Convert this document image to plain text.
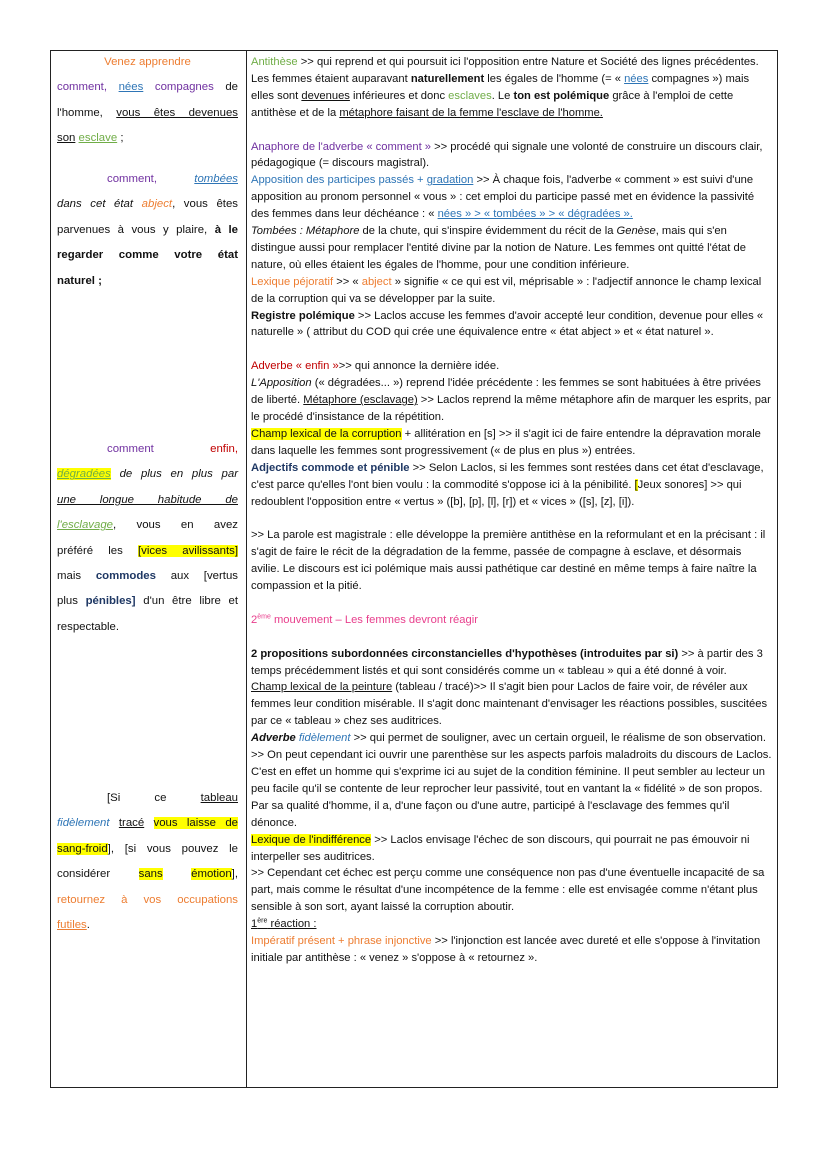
Venez apprendre
comment, nées compagnes de
l'homme, vous êtes devenues
son esclave ;
comment,	tombées
dans cet état abject, vous êtes
parvenues à vous y plaire, à le
regarder comme votre état
naturel ;
comment	enfin,
dégradées de plus en plus par
une longue habitude de
l'esclavage, vous en avez
préféré les [vices avilissants]
mais commodes aux [vertus
plus pénibles] d'un être libre et
respectable.
[Si ce	tableau
fidèlement tracé vous laisse de
sang-froid], [si vous pouvez le
considérer sans émotion],
retournez à vos occupations
futiles.

Antithèse >> qui reprend et qui poursuit ici l'opposition entre Nature et Société des lignes précédentes. Les femmes étaient auparavant naturellement les égales de l'homme (= « nées compagnes ») mais elles sont devenues inférieures et donc esclaves. Le ton est polémique grâce à l'emploi de cette antithèse et de la métaphore faisant de la femme l'esclave de l'homme.

Anaphore de l'adverbe « comment » >> procédé qui signale une volonté de construire un discours clair, pédagogique (= discours magistral).

Apposition des participes passés + gradation >> À chaque fois, l'adverbe « comment » est suivi d'une apposition au pronom personnel « vous » : cet emploi du participe passé met en évidence la passivité des femmes dans leur déchéance : « nées » > « tombées » > « dégradées ».

Tombées : Métaphore de la chute, qui s'inspire évidemment du récit de la Genèse, mais qui s'en distingue aussi pour remplacer l'entité divine par la notion de Nature. Les femmes ont quitté l'état de nature, où elles étaient les égales de l'homme, pour une condition inférieure.

Lexique péjoratif >> « abject » signifie « ce qui est vil, méprisable » : l'adjectif annonce le champ lexical de la corruption qui va se développer par la suite.

Registre polémique >> Laclos accuse les femmes d'avoir accepté leur condition, devenue pour elles « naturelle » ( attribut du COD qui crée une équivalence entre « état abject » et « état naturel ».

Adverbe « enfin »>> qui annonce la dernière idée.

L'Apposition (« dégradées... ») reprend l'idée précédente : les femmes se sont habituées à être privées de liberté. Métaphore (esclavage) >> Laclos reprend la même métaphore afin de marquer les esprits, par le procédé d'insistance de la répétition.

Champ lexical de la corruption + allitération en [s] >> il s'agit ici de faire entendre la dépravation morale dans laquelle les femmes sont progressivement (« de plus en plus ») entrées.

Adjectifs commode et pénible >> Selon Laclos, si les femmes sont restées dans cet état d'esclavage, c'est parce qu'elles l'ont bien voulu : la commodité s'oppose ici à la pénibilité. [Jeux sonores] >> qui redoublent l'opposition entre « vertus » ([b], [p], [l], [r]) et « vices » ([s], [z], [i]).

>> La parole est magistrale : elle développe la première antithèse en la reformulant et en la précisant : il s'agit de faire le récit de la dégradation de la femme, passée de compagne à esclave, et désormais avilie. Le discours est ici polémique mais aussi pathétique car destiné en même temps à faire naître la compassion et la pitié.

2ème mouvement – Les femmes devront réagir

2 propositions subordonnées circonstancielles d'hypothèses (introduites par si) >> à partir des 3 temps précédemment listés et qui sont considérés comme un « tableau » qui a été donné à voir.

Champ lexical de la peinture (tableau / tracé)>> Il s'agit bien pour Laclos de faire voir, de révéler aux femmes leur condition misérable. Il s'agit donc maintenant d'envisager les réactions possibles, suscitées par ce « tableau » chez ses auditrices.

Adverbe fidèlement >> qui permet de souligner, avec un certain orgueil, le réalisme de son observation.

>> On peut cependant ici ouvrir une parenthèse sur les aspects parfois maladroits du discours de Laclos. C'est en effet un homme qui s'exprime ici au sujet de la condition féminine. Il peut sembler au lecteur un peu facile qu'il se contente de leur reprocher leur passivité, tout en vantant la « fidélité » de son propos. Par sa qualité d'homme, il a, d'une façon ou d'une autre, participé à l'esclavage des femmes qu'il dénonce.

Lexique de l'indifférence >> Laclos envisage l'échec de son discours, qui pourrait ne pas émouvoir ni interpeller ses auditrices.

>> Cependant cet échec est perçu comme une conséquence non pas d'une éventuelle incapacité de sa part, mais comme le résultat d'une incompétence de la femme : elle est envisagée comme n'étant plus sensible à son sort, ayant laissé la corruption aboutir.

1ère réaction :

Impératif présent + phrase injonctive >> l'injonction est lancée avec dureté et elle s'oppose à l'invitation initiale par antithèse : « venez » s'oppose à « retournez ».
